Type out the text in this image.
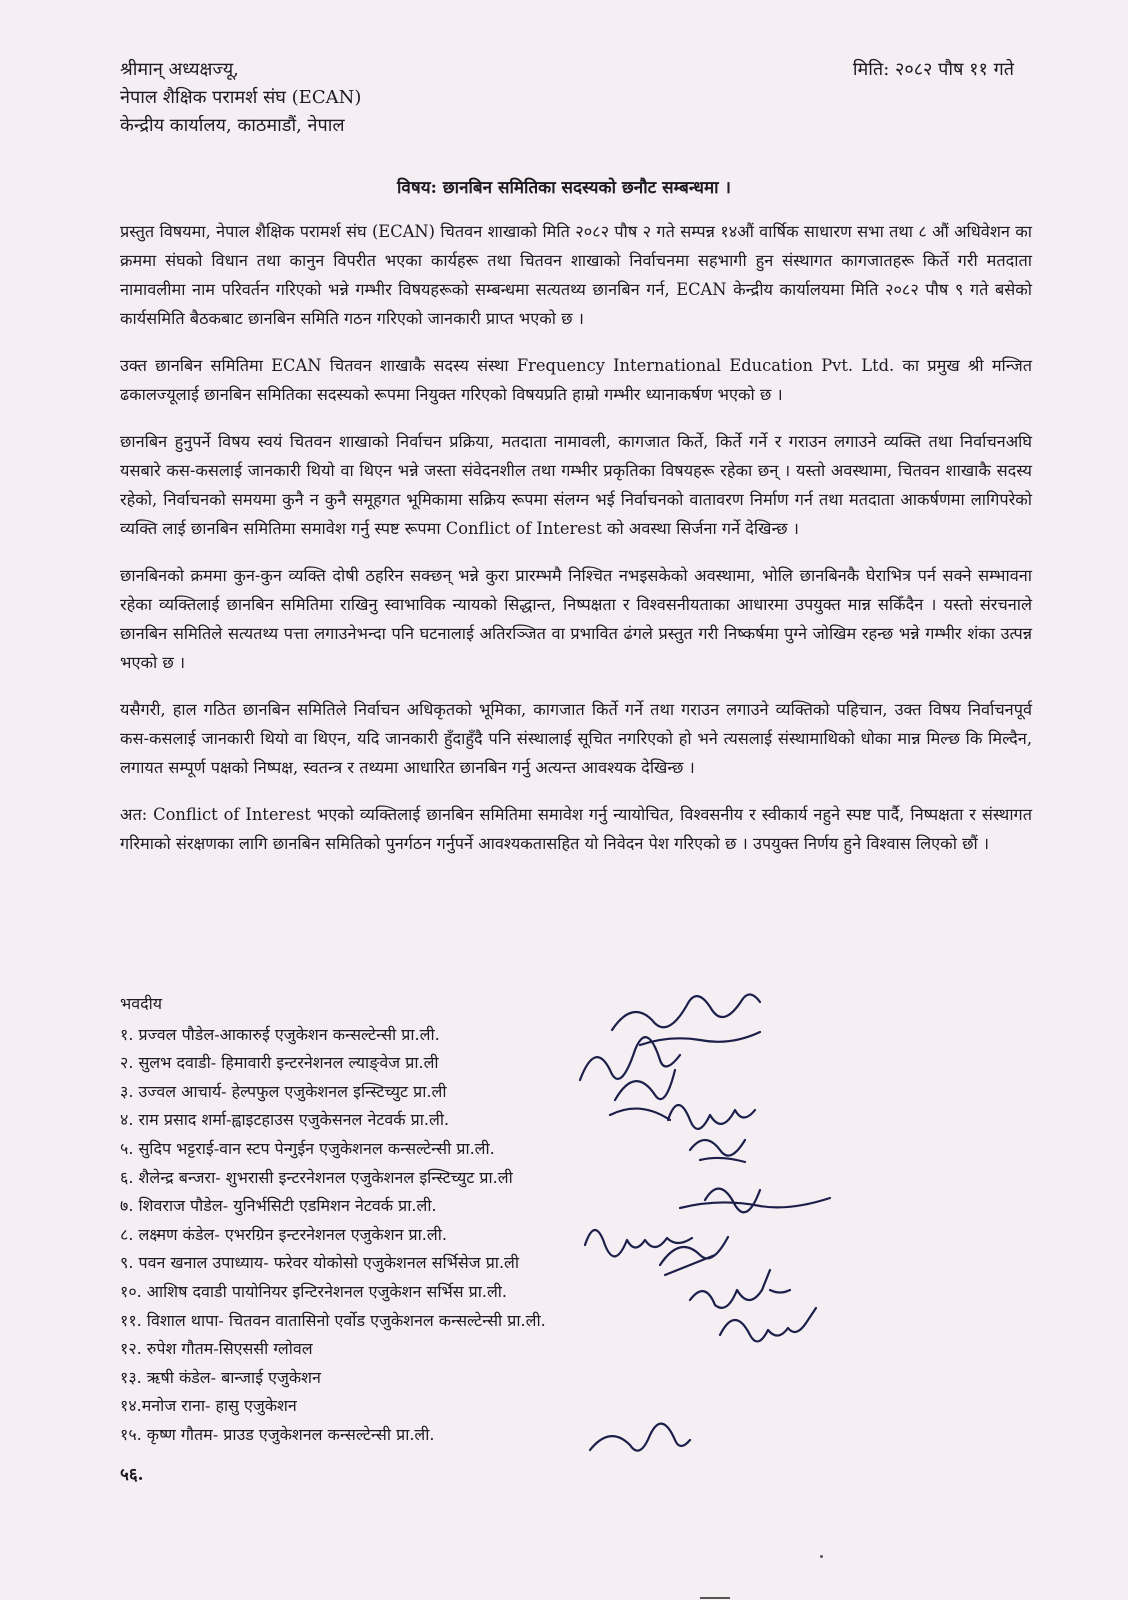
श्रीमान् अध्यक्षज्यू,
नेपाल शैक्षिक परामर्श संघ (ECAN)
केन्द्रीय कार्यालय, काठमाडौं, नेपाल
मिति: २०८२ पौष ११ गते
विषय: छानबिन समितिका सदस्यको छनौट सम्बन्धमा ।

प्रस्तुत विषयमा, नेपाल शैक्षिक परामर्श संघ (ECAN) चितवन शाखाको मिति २०८२ पौष २ गते सम्पन्न १४औं वार्षिक साधारण सभा तथा ८ औं अधिवेशन का क्रममा संघको विधान तथा कानुन विपरीत भएका कार्यहरू तथा चितवन शाखाको निर्वाचनमा सहभागी हुन संस्थागत कागजातहरू किर्ते गरी मतदाता नामावलीमा नाम परिवर्तन गरिएको भन्ने गम्भीर विषयहरूको सम्बन्धमा सत्यतथ्य छानबिन गर्न, ECAN केन्द्रीय कार्यालयमा मिति २०८२ पौष ९ गते बसेको कार्यसमिति बैठकबाट छानबिन समिति गठन गरिएको जानकारी प्राप्त भएको छ ।

उक्त छानबिन समितिमा ECAN चितवन शाखाकै सदस्य संस्था Frequency International Education Pvt. Ltd. का प्रमुख श्री मन्जित ढकालज्यूलाई छानबिन समितिका सदस्यको रूपमा नियुक्त गरिएको विषयप्रति हाम्रो गम्भीर ध्यानाकर्षण भएको छ ।

छानबिन हुनुपर्ने विषय स्वयं चितवन शाखाको निर्वाचन प्रक्रिया, मतदाता नामावली, कागजात किर्ते, किर्ते गर्ने र गराउन लगाउने व्यक्ति तथा निर्वाचनअघि यसबारे कस-कसलाई जानकारी थियो वा थिएन भन्ने जस्ता संवेदनशील तथा गम्भीर प्रकृतिका विषयहरू रहेका छन् । यस्तो अवस्थामा, चितवन शाखाकै सदस्य रहेको, निर्वाचनको समयमा कुनै न कुनै समूहगत भूमिकामा सक्रिय रूपमा संलग्न भई निर्वाचनको वातावरण निर्माण गर्न तथा मतदाता आकर्षणमा लागिपरेको व्यक्ति लाई छानबिन समितिमा समावेश गर्नु स्पष्ट रूपमा Conflict of Interest को अवस्था सिर्जना गर्ने देखिन्छ ।

छानबिनको क्रममा कुन-कुन व्यक्ति दोषी ठहरिन सक्छन् भन्ने कुरा प्रारम्भमै निश्चित नभइसकेको अवस्थामा, भोलि छानबिनकै घेराभित्र पर्न सक्ने सम्भावना रहेका व्यक्तिलाई छानबिन समितिमा राखिनु स्वाभाविक न्यायको सिद्धान्त, निष्पक्षता र विश्वसनीयताका आधारमा उपयुक्त मान्न सकिँदैन । यस्तो संरचनाले छानबिन समितिले सत्यतथ्य पत्ता लगाउनेभन्दा पनि घटनालाई अतिरञ्जित वा प्रभावित ढंगले प्रस्तुत गरी निष्कर्षमा पुग्ने जोखिम रहन्छ भन्ने गम्भीर शंका उत्पन्न भएको छ ।

यसैगरी, हाल गठित छानबिन समितिले निर्वाचन अधिकृतको भूमिका, कागजात किर्ते गर्ने तथा गराउन लगाउने व्यक्तिको पहिचान, उक्त विषय निर्वाचनपूर्व कस-कसलाई जानकारी थियो वा थिएन, यदि जानकारी हुँदाहुँदै पनि संस्थालाई सूचित नगरिएको हो भने त्यसलाई संस्थामाथिको धोका मान्न मिल्छ कि मिल्दैन, लगायत सम्पूर्ण पक्षको निष्पक्ष, स्वतन्त्र र तथ्यमा आधारित छानबिन गर्नु अत्यन्त आवश्यक देखिन्छ ।

अत: Conflict of Interest भएको व्यक्तिलाई छानबिन समितिमा समावेश गर्नु न्यायोचित, विश्वसनीय र स्वीकार्य नहुने स्पष्ट पार्दै, निष्पक्षता र संस्थागत गरिमाको संरक्षणका लागि छानबिन समितिको पुनर्गठन गर्नुपर्ने आवश्यकतासहित यो निवेदन पेश गरिएको छ । उपयुक्त निर्णय हुने विश्वास लिएको छौं ।

भवदीय
१. प्रज्वल पौडेल-आकारुई एजुकेशन कन्सल्टेन्सी प्रा.ली.
२. सुलभ दवाडी- हिमावारी इन्टरनेशनल ल्याङ्वेज प्रा.ली
३. उज्वल आचार्य- हेल्पफुल एजुकेशनल इन्स्टिच्युट प्रा.ली
४. राम प्रसाद शर्मा-ह्वाइटहाउस एजुकेसनल नेटवर्क प्रा.ली.
५. सुदिप भट्टराई-वान स्टप पेन्गुईन एजुकेशनल कन्सल्टेन्सी प्रा.ली.
६. शैलेन्द्र बन्जरा- शुभरासी इन्टरनेशनल एजुकेशनल इन्स्टिच्युट प्रा.ली
७. शिवराज पौडेल- युनिर्भसिटी एडमिशन नेटवर्क प्रा.ली.
८. लक्ष्मण कंडेल- एभरग्रिन इन्टरनेशनल एजुकेशन प्रा.ली.
९. पवन खनाल उपाध्याय- फरेवर योकोसो एजुकेशनल सर्भिसेज प्रा.ली
१०. आशिष दवाडी पायोनियर इन्टिरनेशनल एजुकेशन सर्भिस प्रा.ली.
११. विशाल थापा- चितवन वातासिनो एर्वोड एजुकेशनल कन्सल्टेन्सी प्रा.ली.
१२. रुपेश गौतम-सिएससी ग्लोवल
१३. ऋषी कंडेल- बान्जाई एजुकेशन
१४.मनोज राना- हासु एजुकेशन
१५. कृष्ण गौतम- प्राउड एजुकेशनल कन्सल्टेन्सी प्रा.ली.
५६.
